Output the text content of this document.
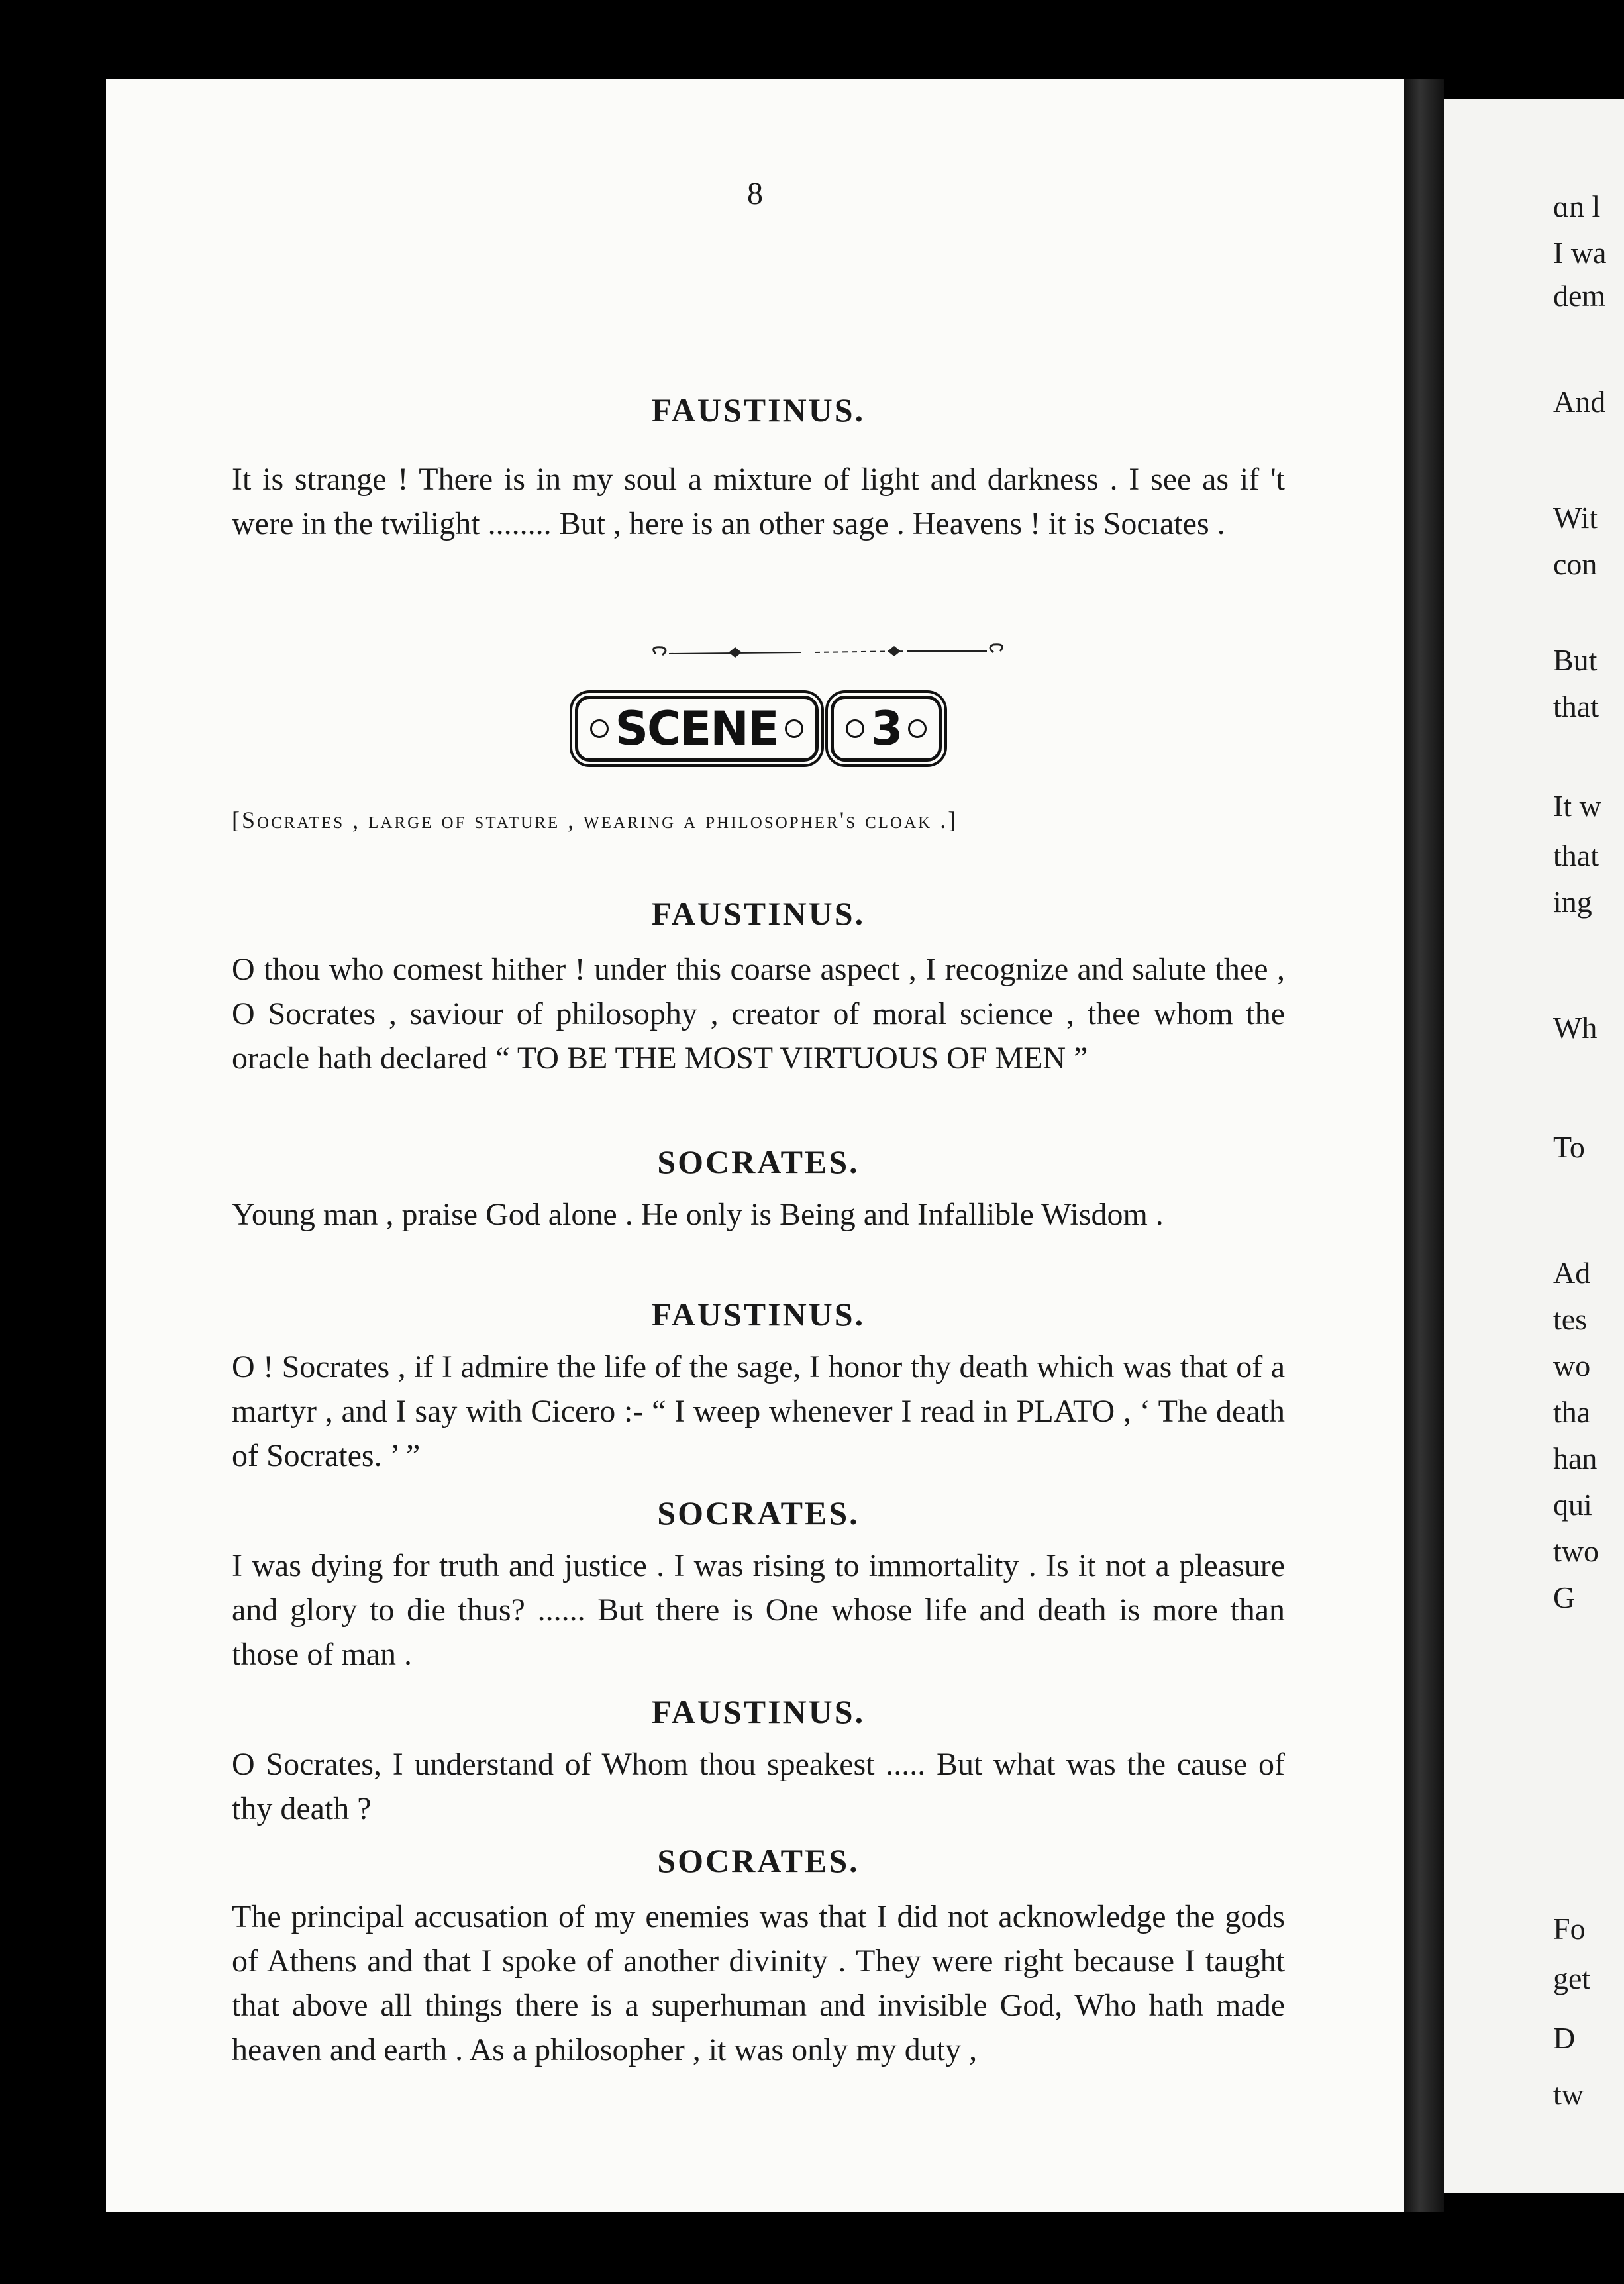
8
FAUSTINUS.

It is strange ! There is in my soul a mixture of light and darkness . I see as if 't were in the twilight ........ But , here is an other sage . Heavens ! it is Socıates .

SCENE 3

[Socrates , large of stature , wearing a philosopher's cloak .]

FAUSTINUS.

O thou who comest hither ! under this coarse aspect , I recognize and salute thee , O Socrates , saviour of philosophy , creator of moral science , thee whom the oracle hath declared “ TO BE THE MOST VIRTUOUS OF MEN ”

SOCRATES.

Young man , praise God alone . He only is Being and Infallible Wisdom .

FAUSTINUS.

O ! Socrates , if I admire the life of the sage, I honor thy death which was that of a martyr , and I say with Cicero :- “ I weep whenever I read in PLATO , ‘ The death of Socrates. ’ ”

SOCRATES.

I was dying for truth and justice . I was rising to immortality . Is it not a pleasure and glory to die thus? ...... But there is One whose life and death is more than those of man .

FAUSTINUS.

O Socrates, I understand of Whom thou speakest ..... But what was the cause of thy death ?

SOCRATES.

The principal accusation of my enemies was that I did not acknowledge the gods of Athens and that I spoke of another divinity . They were right because I taught that above all things there is a superhuman and invisible God, Who hath made heaven and earth . As a philosopher , it was only my duty ,

ɑn l
I wa
dem
And
Wit
con
But
that
It w
that
ing
Wh
To
Ad
tes
wo
tha
han
qui
two
G
Fo
get
D
tw
